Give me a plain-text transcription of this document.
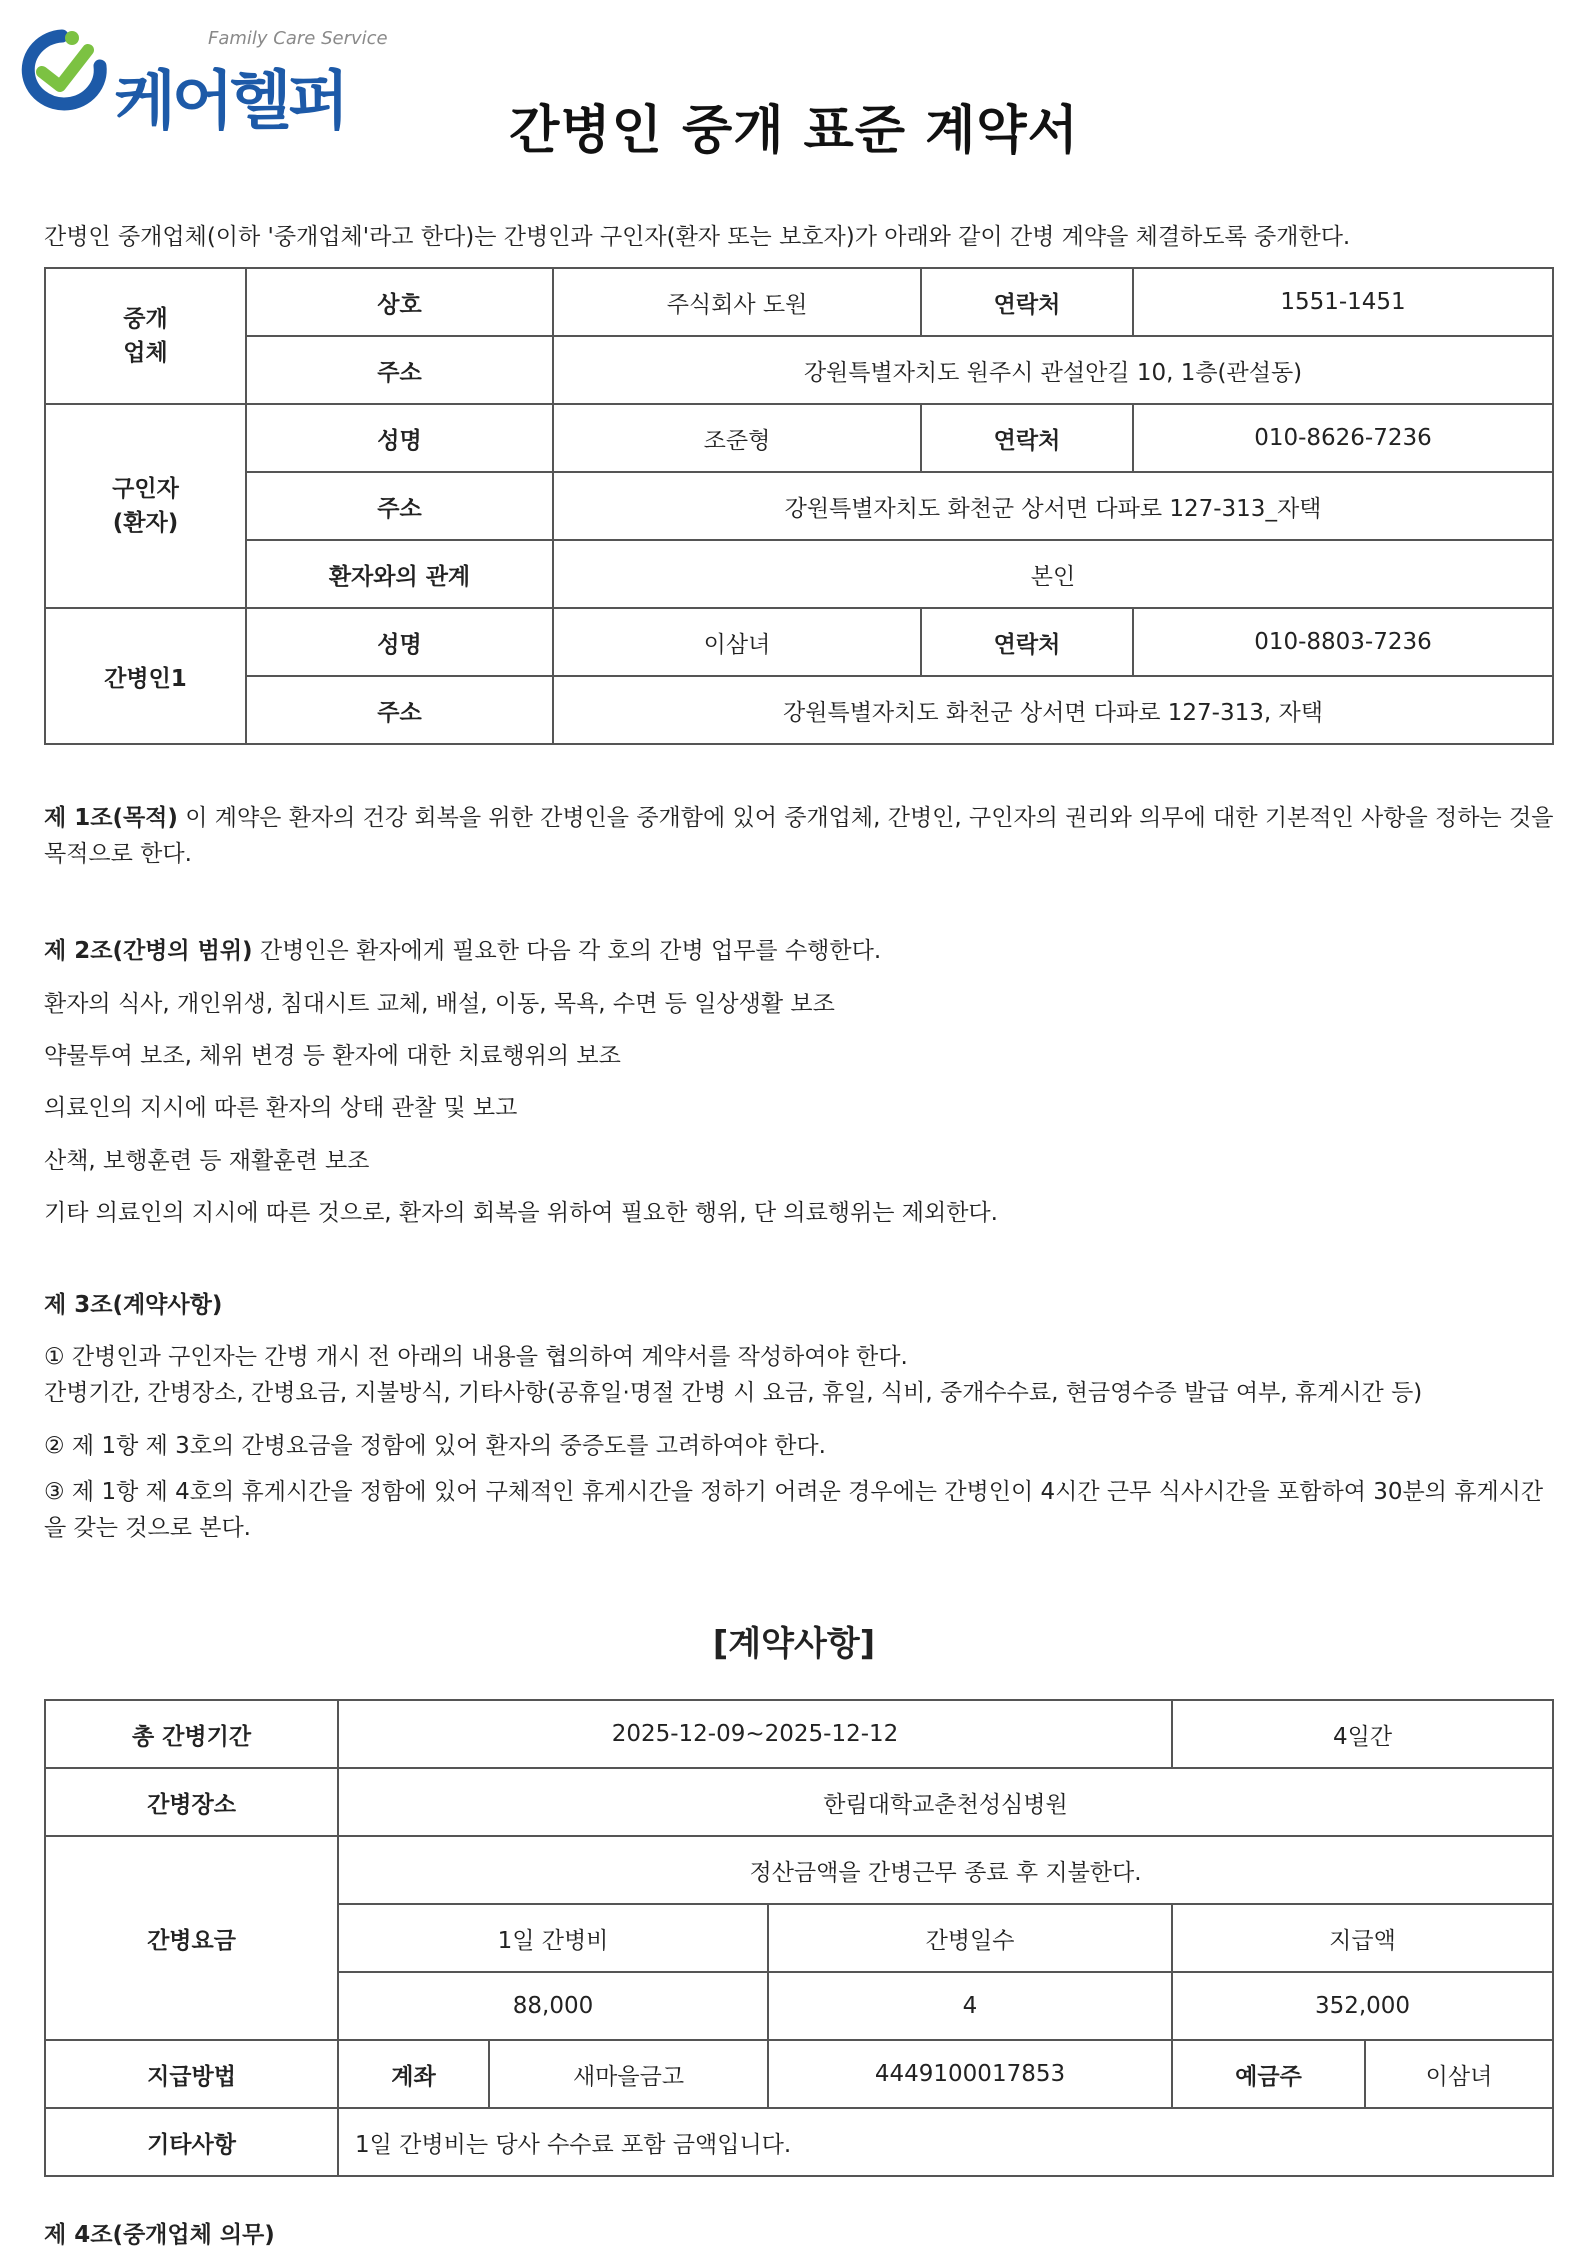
Family Care Service
케어헬퍼	간병인 중개 표준 계약서
간병인 중개업체(이하 '중개업체'라고 한다)는 간병인과 구인자(환자 또는 보호자)가 아래와 같이 간병 계약을 체결하도록 중개한다.
중개
업체	상호	주식회사 도원	연락처	1551-1451
	주소	강원특별자치도 원주시 관설안길 10, 1층(관설동)		
구인자
(환자)	성명	조준형	연락처	010-8626-7236
	주소	강원특별자치도 화천군 상서면 다파로 127-313_자택		
	환자와의 관계	본인		
간병인1	성명	이삼녀	연락처	010-8803-7236
	주소	강원특별자치도 화천군 상서면 다파로 127-313, 자택		
제 1조(목적) 이 계약은 환자의 건강 회복을 위한 간병인을 중개함에 있어 중개업체, 간병인, 구인자의 권리와 의무에 대한 기본적인 사항을 정하는 것을 목적으로 한다.
제 2조(간병의 범위) 간병인은 환자에게 필요한 다음 각 호의 간병 업무를 수행한다.
환자의 식사, 개인위생, 침대시트 교체, 배설, 이동, 목욕, 수면 등 일상생활 보조
약물투여 보조, 체위 변경 등 환자에 대한 치료행위의 보조
의료인의 지시에 따른 환자의 상태 관찰 및 보고
산책, 보행훈련 등 재활훈련 보조
기타 의료인의 지시에 따른 것으로, 환자의 회복을 위하여 필요한 행위, 단 의료행위는 제외한다.
제 3조(계약사항)
① 간병인과 구인자는 간병 개시 전 아래의 내용을 협의하여 계약서를 작성하여야 한다.
간병기간, 간병장소, 간병요금, 지불방식, 기타사항(공휴일·명절 간병 시 요금, 휴일, 식비, 중개수수료, 현금영수증 발급 여부, 휴게시간 등)
② 제 1항 제 3호의 간병요금을 정함에 있어 환자의 중증도를 고려하여야 한다.
③ 제 1항 제 4호의 휴게시간을 정함에 있어 구체적인 휴게시간을 정하기 어려운 경우에는 간병인이 4시간 근무 식사시간을 포함하여 30분의 휴게시간을 갖는 것으로 본다.
[계약사항]
총 간병기간	2025-12-09~2025-12-12			4일간	
간병장소	한림대학교춘천성심병원				
간병요금	정산금액을 간병근무 종료 후 지불한다.				
	1일 간병비		간병일수	지급액	
	88,000		4	352,000	
지급방법	계좌	새마을금고	4449100017853	예금주	이삼녀
기타사항	1일 간병비는 당사 수수료 포함 금액입니다.				
제 4조(중개업체 의무)
